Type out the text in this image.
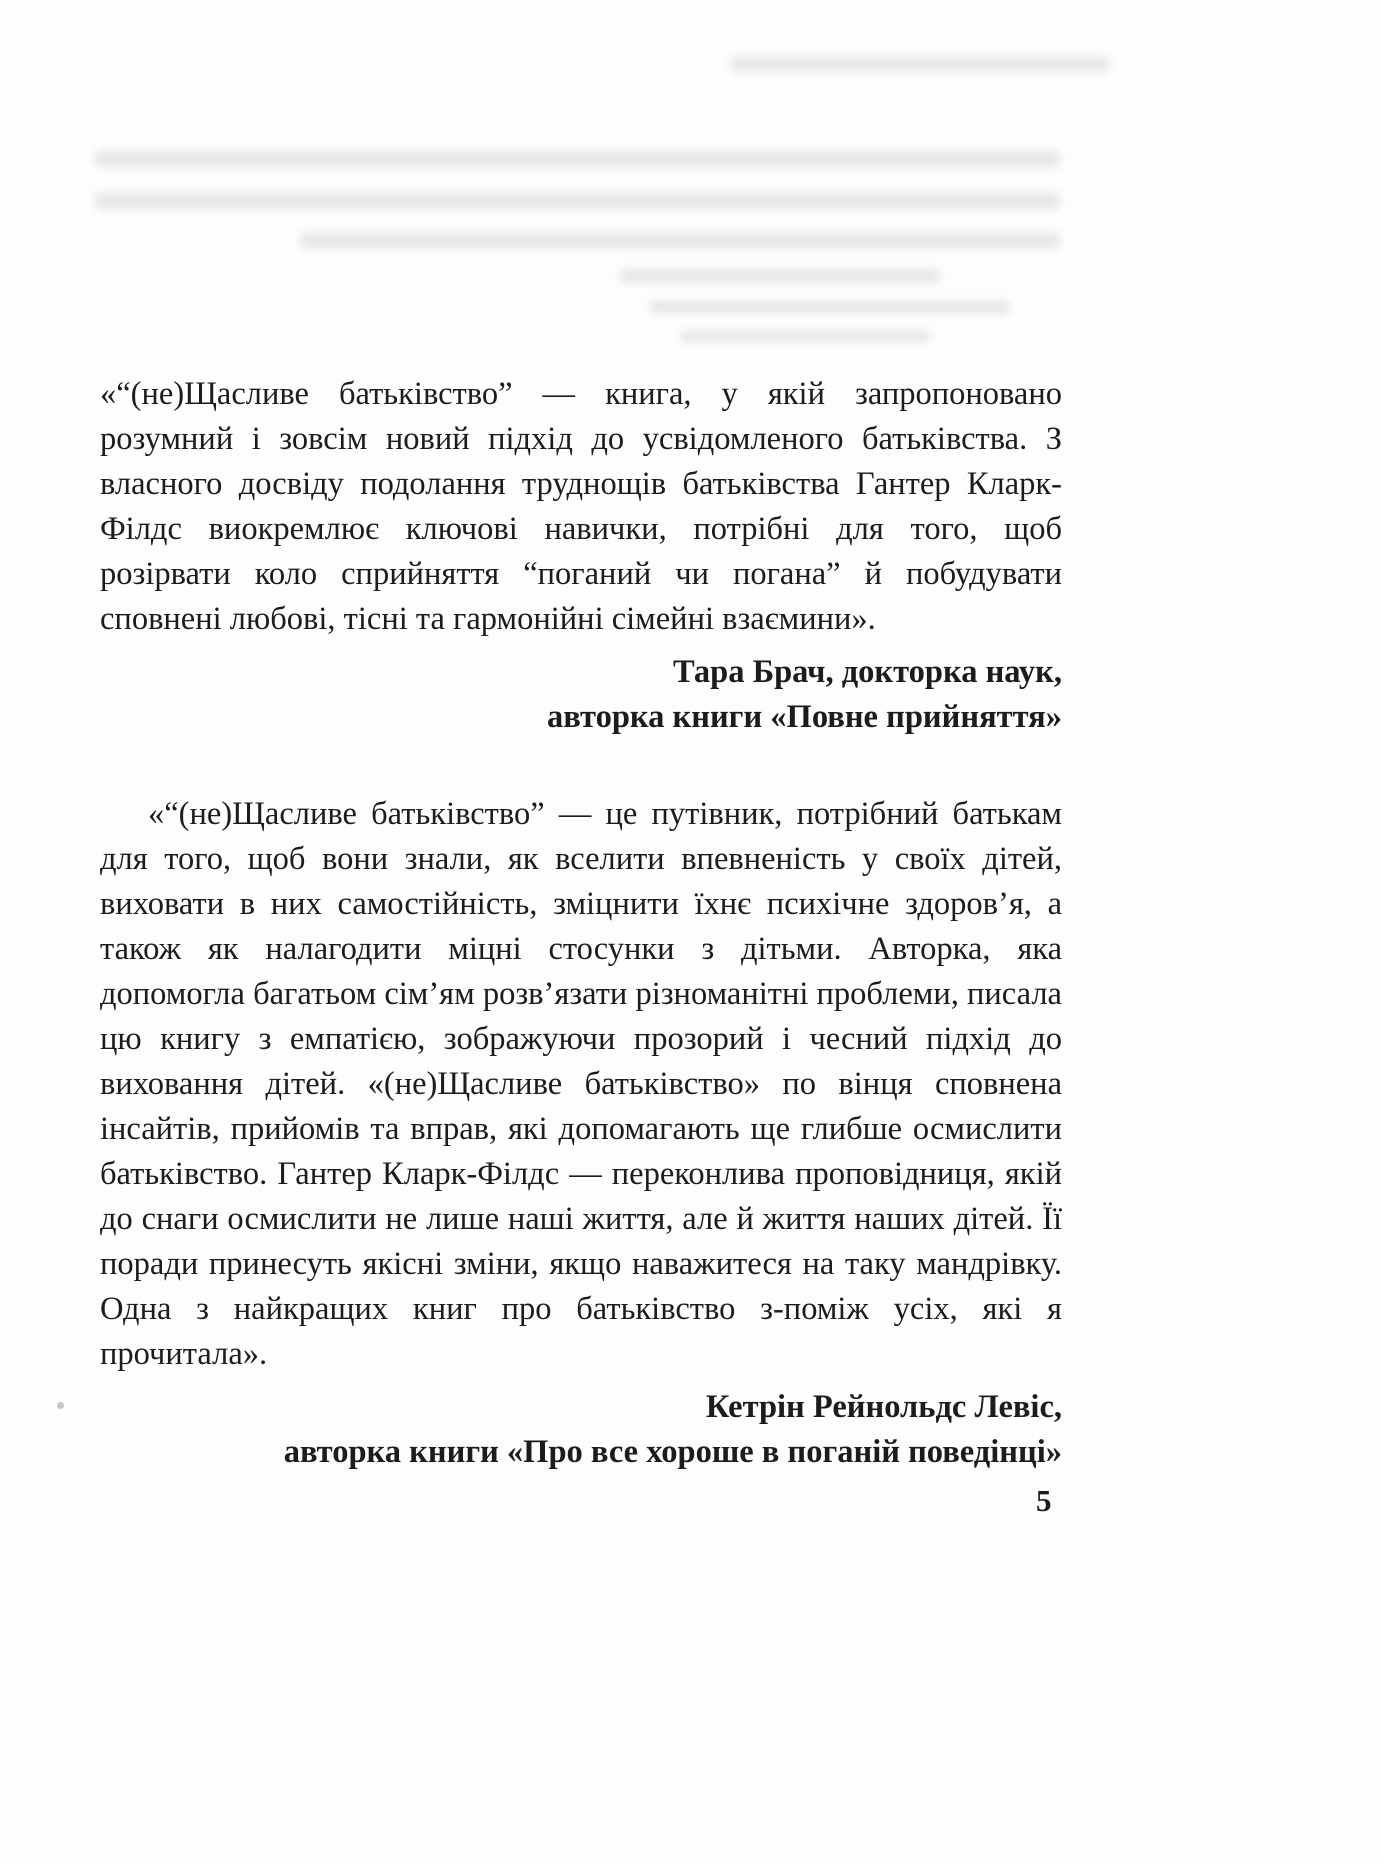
«“(не)Щасливе батьківство” — книга, у якій запропоновано розумний і зовсім новий підхід до усвідомленого батьківства. З власного досвіду подолання труднощів батьківства Гантер Кларк-Філдс виокремлює ключові навички, потрібні для того, щоб розірвати коло сприйняття “поганий чи погана” й побудувати сповнені любові, тісні та гармонійні сімейні взаємини».

Тара Брач, докторка наук,
авторка книги «Повне прийняття»

«“(не)Щасливе батьківство” — це путівник, потрібний батькам для того, щоб вони знали, як вселити впевненість у своїх дітей, виховати в них самостійність, зміцнити їхнє психічне здоров’я, а також як налагодити міцні стосунки з дітьми. Авторка, яка допомогла багатьом сім’ям розв’язати різноманітні проблеми, писала цю книгу з емпатією, зображуючи прозорий і чесний підхід до виховання дітей. «(не)Щасливе батьківство» по вінця сповнена інсайтів, прийомів та вправ, які допомагають ще глибше осмислити батьківство. Гантер Кларк-Філдс — переконлива проповідниця, якій до снаги осмислити не лише наші життя, але й життя наших дітей. Її поради принесуть якісні зміни, якщо наважитеся на таку мандрівку. Одна з найкращих книг про батьківство з-поміж усіх, які я прочитала».

Кетрін Рейнольдс Левіс,
авторка книги «Про все хороше в поганій поведінці»
5
